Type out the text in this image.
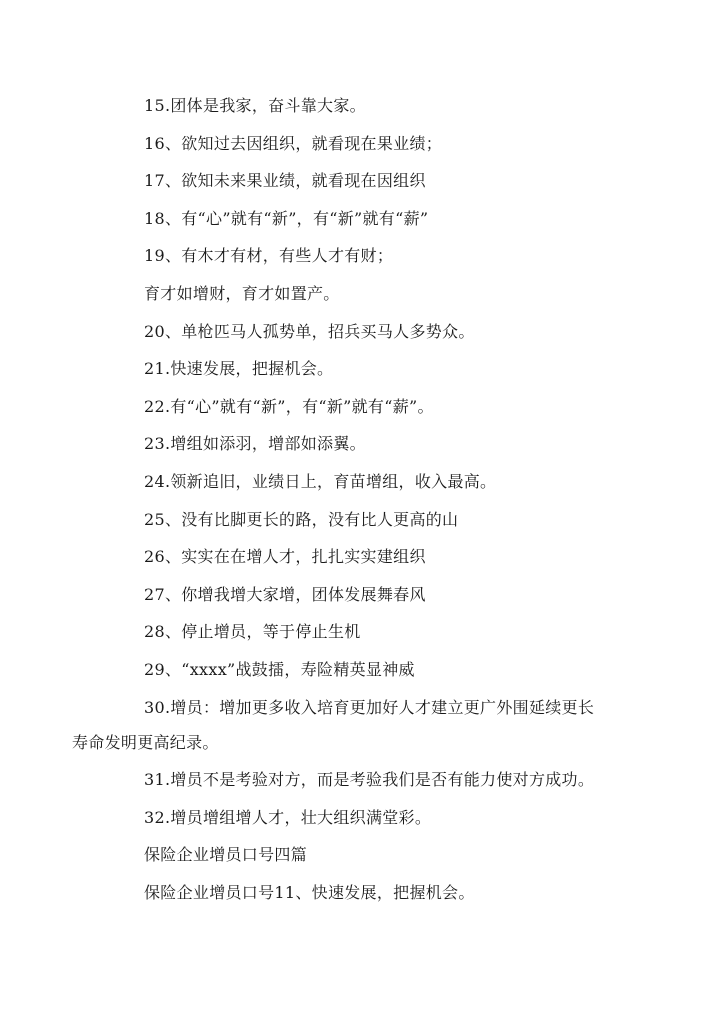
15.团体是我家，奋斗靠大家。
16、欲知过去因组织，就看现在果业绩；
17、欲知未来果业绩，就看现在因组织
18、有“心”就有“新”，有“新”就有“薪”
19、有木才有材，有些人才有财；
育才如增财，育才如置产。
20、单枪匹马人孤势单，招兵买马人多势众。
21.快速发展，把握机会。
22.有“心”就有“新”，有“新”就有“薪”。
23.增组如添羽，增部如添翼。
24.领新追旧，业绩日上，育苗增组，收入最高。
25、没有比脚更长的路，没有比人更高的山
26、实实在在增人才，扎扎实实建组织
27、你增我增大家增，团体发展舞春风
28、停止增员，等于停止生机
29、“xxxx”战鼓擂，寿险精英显神威
30.增员：增加更多收入培育更加好人才建立更广外围延续更长
寿命发明更高纪录。
31.增员不是考验对方，而是考验我们是否有能力使对方成功。
32.增员增组增人才，壮大组织满堂彩。
保险企业增员口号四篇
保险企业增员口号11、快速发展，把握机会。
